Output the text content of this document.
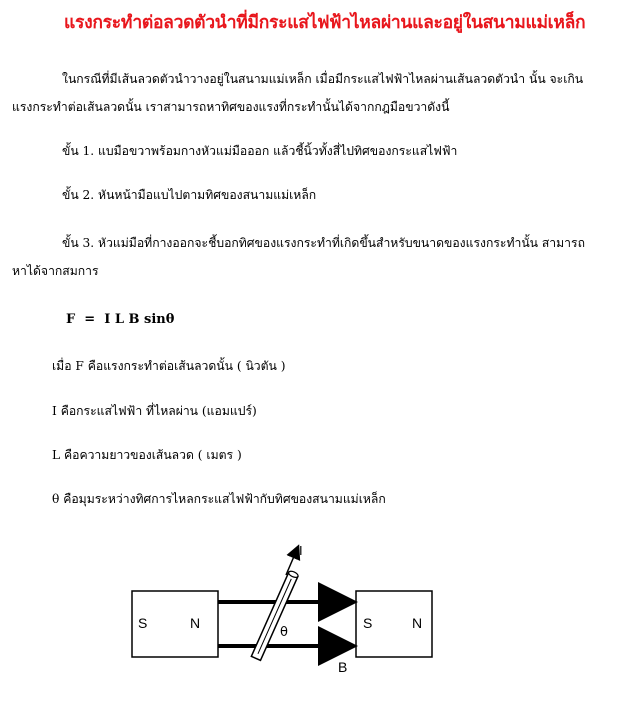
แรงกระทำต่อลวดตัวนำที่มีกระแสไฟฟ้าไหลผ่านและอยู่ในสนามแม่เหล็ก
ในกรณีที่มีเส้นลวดตัวนำวางอยู่ในสนามแม่เหล็ก เมื่อมีกระแสไฟฟ้าไหลผ่านเส้นลวดตัวนำ นั้น จะเกิน
แรงกระทำต่อเส้นลวดนั้น เราสามารถหาทิศของแรงที่กระทำนั้นได้จากกฎมือขวาดังนี้
ขั้น 1. แบมือขวาพร้อมกางหัวแม่มือออก แล้วชี้นิ้วทั้งสี่ไปทิศของกระแสไฟฟ้า
ขั้น 2. หันหน้ามือแบไปตามทิศของสนามแม่เหล็ก
ขั้น 3. หัวแม่มือที่กางออกจะชี้บอกทิศของแรงกระทำที่เกิดขึ้นสำหรับขนาดของแรงกระทำนั้น สามารถ
หาได้จากสมการ
F  =  I L B sinθ
เมื่อ F คือแรงกระทำต่อเส้นลวดนั้น ( นิวตัน )
I คือกระแสไฟฟ้า ที่ไหลผ่าน (แอมแปร์)
L คือความยาวของเส้นลวด ( เมตร )
θ คือมุมระหว่างทิศการไหลกระแสไฟฟ้ากับทิศของสนามแม่เหล็ก
S	N	S	N
I
θ
B
